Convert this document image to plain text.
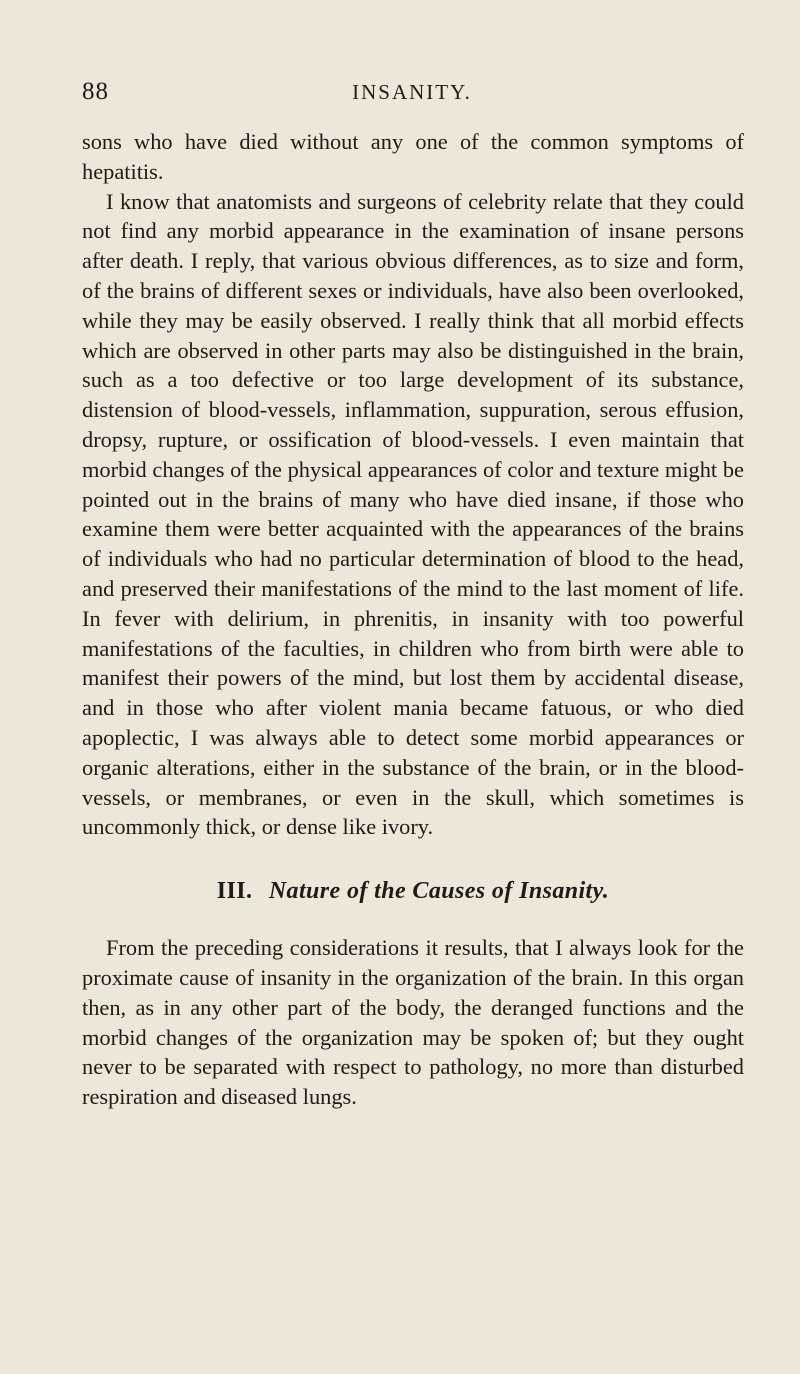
88	INSANITY.

sons who have died without any one of the common symptoms of hepatitis.

I know that anatomists and surgeons of celebrity relate that they could not find any morbid appearance in the examination of insane persons after death. I reply, that various obvious differences, as to size and form, of the brains of different sexes or individuals, have also been overlooked, while they may be easily observed. I really think that all morbid effects which are observed in other parts may also be distinguished in the brain, such as a too defective or too large development of its substance, distension of blood-vessels, inflammation, suppuration, serous effusion, dropsy, rupture, or ossification of blood-vessels. I even maintain that morbid changes of the physical appearances of color and texture might be pointed out in the brains of many who have died insane, if those who examine them were better acquainted with the appearances of the brains of individuals who had no particular determination of blood to the head, and preserved their manifestations of the mind to the last moment of life. In fever with delirium, in phrenitis, in insanity with too powerful manifestations of the faculties, in children who from birth were able to manifest their powers of the mind, but lost them by accidental disease, and in those who after violent mania became fatuous, or who died apoplectic, I was always able to detect some morbid appearances or organic alterations, either in the substance of the brain, or in the blood-vessels, or membranes, or even in the skull, which sometimes is uncommonly thick, or dense like ivory.

III. Nature of the Causes of Insanity.

From the preceding considerations it results, that I always look for the proximate cause of insanity in the organization of the brain. In this organ then, as in any other part of the body, the deranged functions and the morbid changes of the organization may be spoken of; but they ought never to be separated with respect to pathology, no more than disturbed respiration and diseased lungs.
